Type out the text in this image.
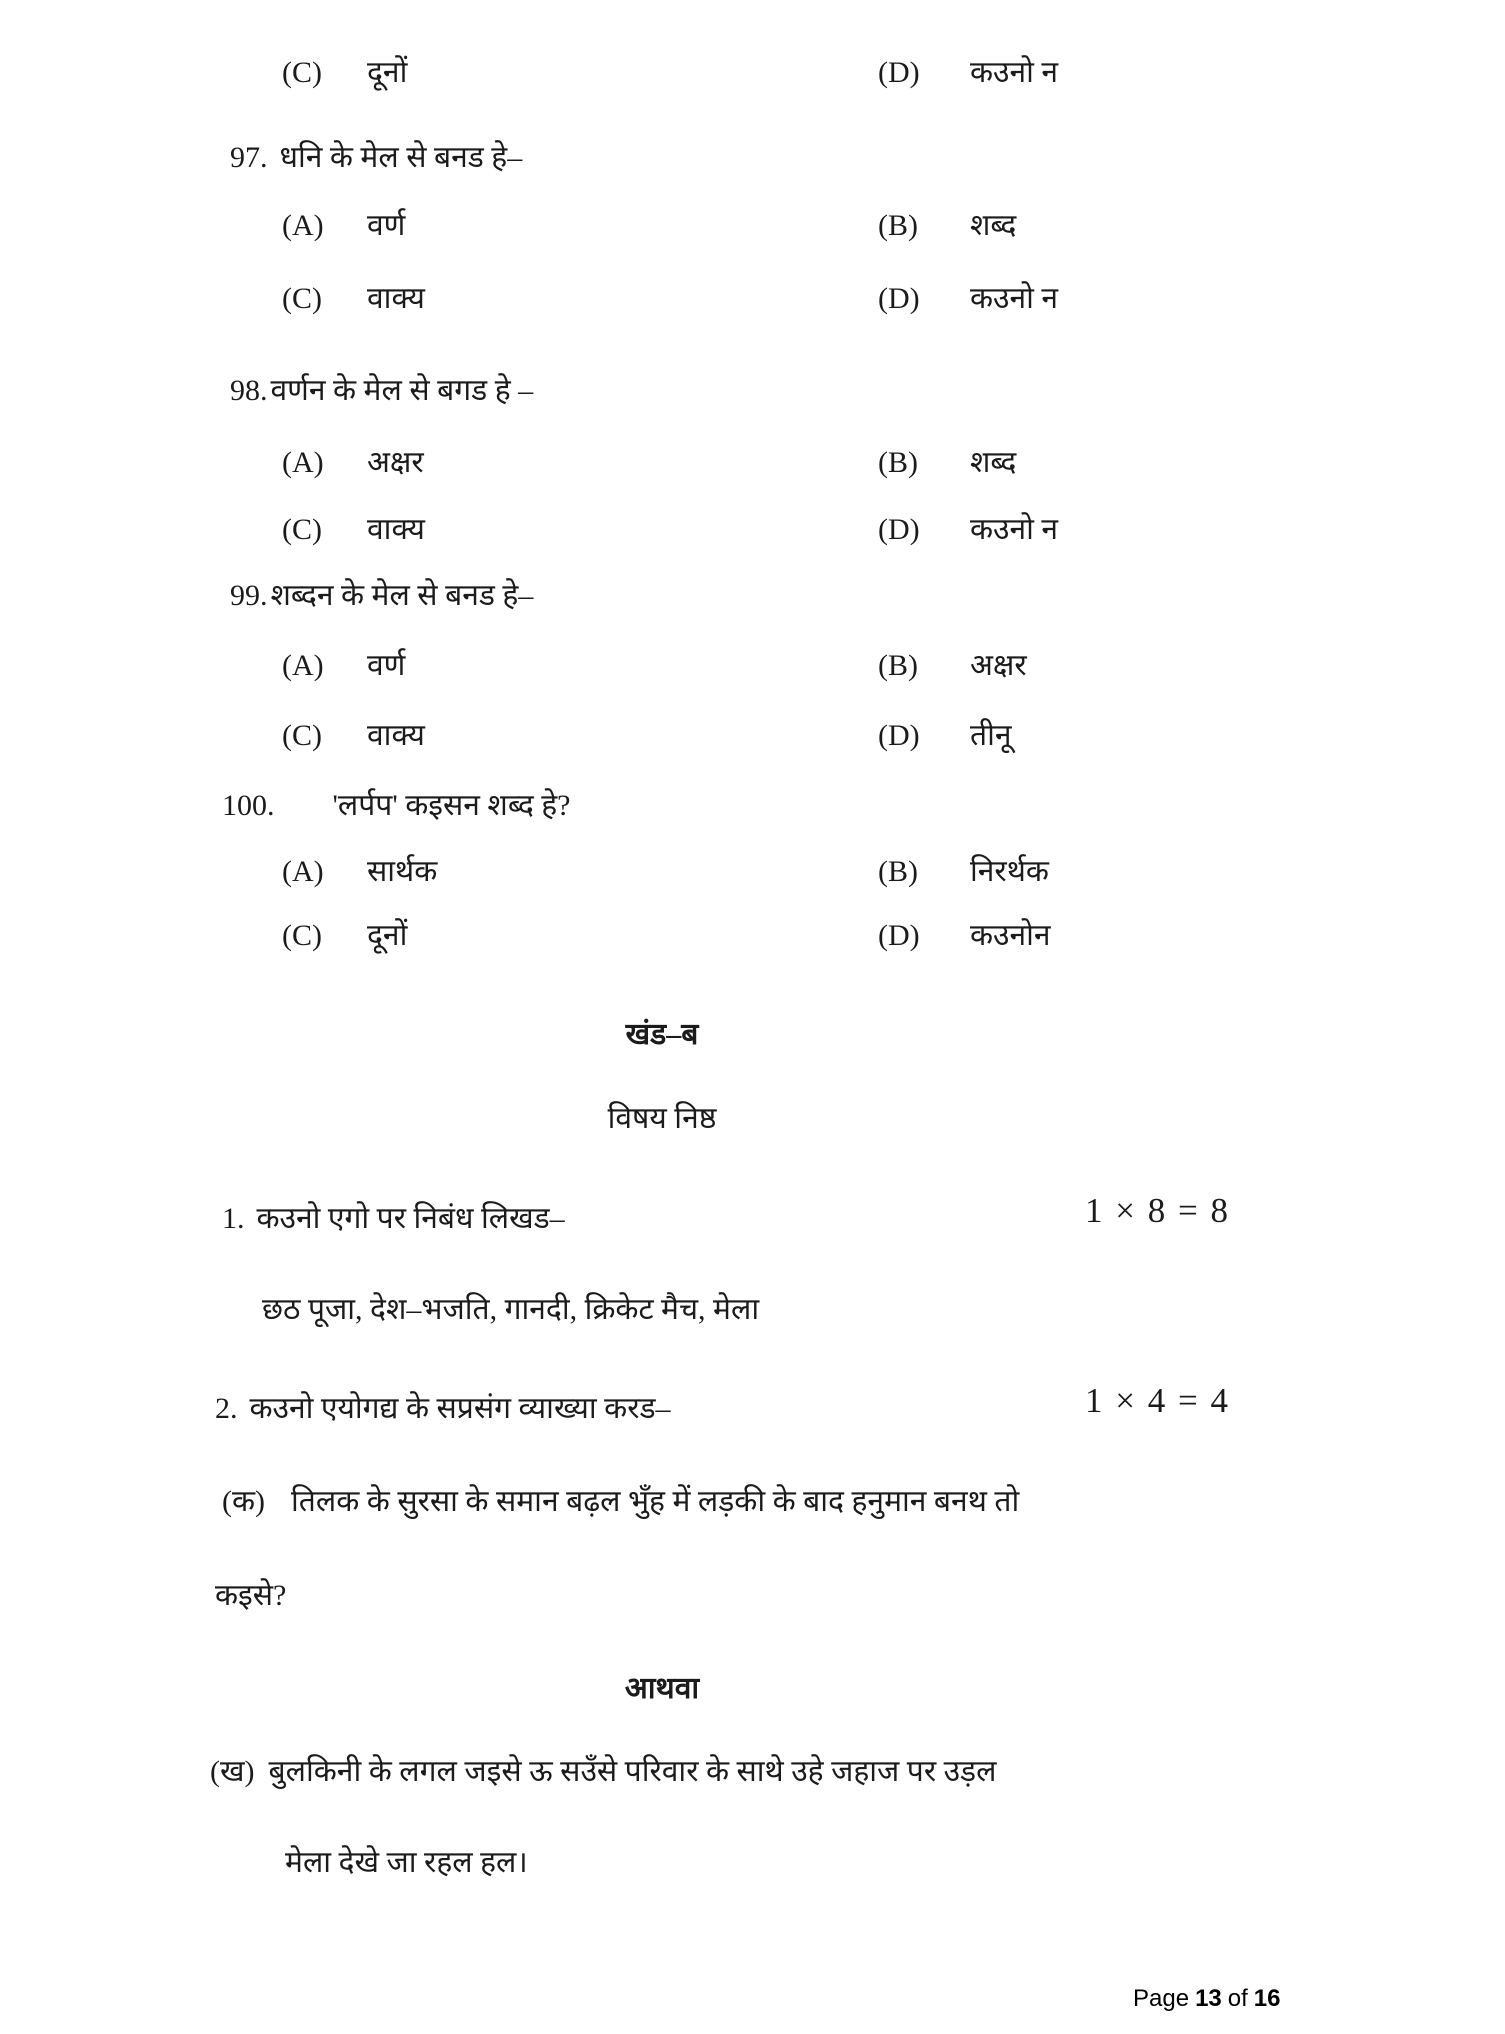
(C) दूनों	(D) कउनो न
97. धनि के मेल से बनड हे–
(A) वर्ण	(B) शब्द
(C) वाक्य	(D) कउनो न
98. वर्णन के मेल से बगड हे –
(A) अक्षर	(B) शब्द
(C) वाक्य	(D) कउनो न
99. शब्दन के मेल से बनड हे–
(A) वर्ण	(B) अक्षर
(C) वाक्य	(D) तीनू
100. 'लर्पप' कइसन शब्द हे?
(A) सार्थक	(B) निरर्थक
(C) दूनों	(D) कउनोन
खंड–ब
विषय निष्ठ
1. कउनो एगो पर निबंध लिखड–	1 × 8 = 8
छठ पूजा, देश–भजति, गानदी, क्रिकेट मैच, मेला
2. कउनो एयोगद्य के सप्रसंग व्याख्या करड–	1 × 4 = 4
(क) तिलक के सुरसा के समान बढ़ल भुँह में लड़की के बाद हनुमान बनथ तो
कइसे?
आथवा
(ख) बुलकिनी के लगल जइसे ऊ सउँसे परिवार के साथे उहे जहाज पर उड़ल
मेला देखे जा रहल हल।
Page 13 of 16
